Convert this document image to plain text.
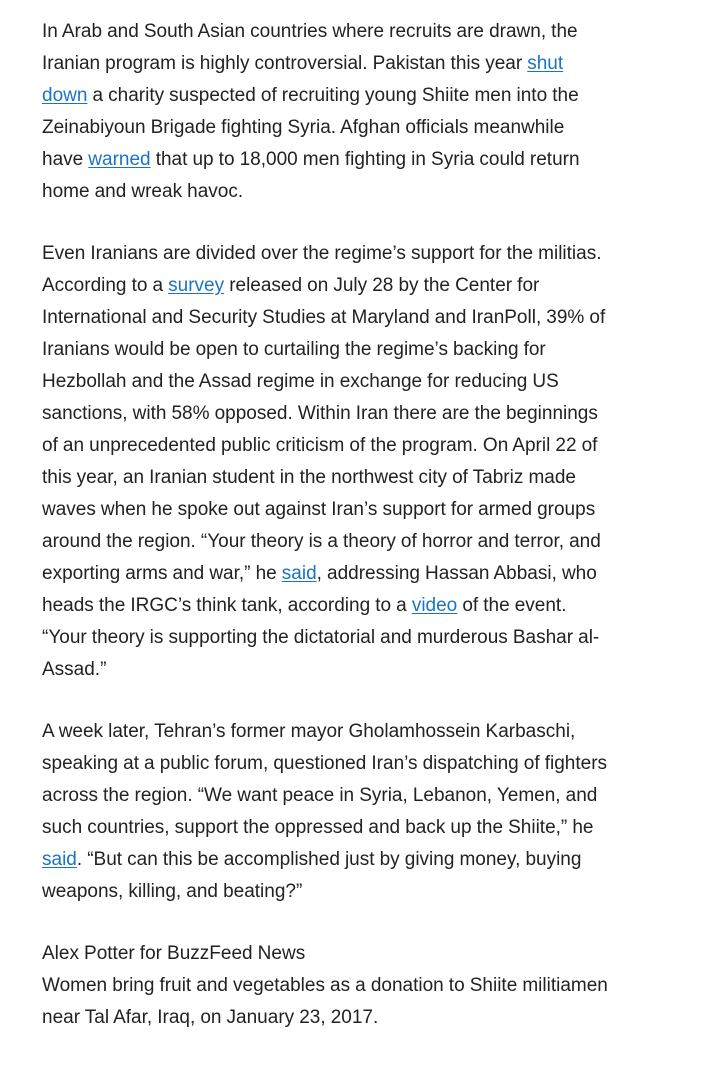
In Arab and South Asian countries where recruits are drawn, the
Iranian program is highly controversial. Pakistan this year shut
down a charity suspected of recruiting young Shiite men into the
Zeinabiyoun Brigade fighting Syria. Afghan officials meanwhile
have warned that up to 18,000 men fighting in Syria could return
home and wreak havoc.

Even Iranians are divided over the regime’s support for the militias.
According to a survey released on July 28 by the Center for
International and Security Studies at Maryland and IranPoll, 39% of
Iranians would be open to curtailing the regime’s backing for
Hezbollah and the Assad regime in exchange for reducing US
sanctions, with 58% opposed. Within Iran there are the beginnings
of an unprecedented public criticism of the program. On April 22 of
this year, an Iranian student in the northwest city of Tabriz made
waves when he spoke out against Iran’s support for armed groups
around the region. “Your theory is a theory of horror and terror, and
exporting arms and war,” he said, addressing Hassan Abbasi, who
heads the IRGC’s think tank, according to a video of the event.
“Your theory is supporting the dictatorial and murderous Bashar al-
Assad.”

A week later, Tehran’s former mayor Gholamhossein Karbaschi,
speaking at a public forum, questioned Iran’s dispatching of fighters
across the region. “We want peace in Syria, Lebanon, Yemen, and
such countries, support the oppressed and back up the Shiite,” he
said. “But can this be accomplished just by giving money, buying
weapons, killing, and beating?”

Alex Potter for BuzzFeed News
Women bring fruit and vegetables as a donation to Shiite militiamen
near Tal Afar, Iraq, on January 23, 2017.
